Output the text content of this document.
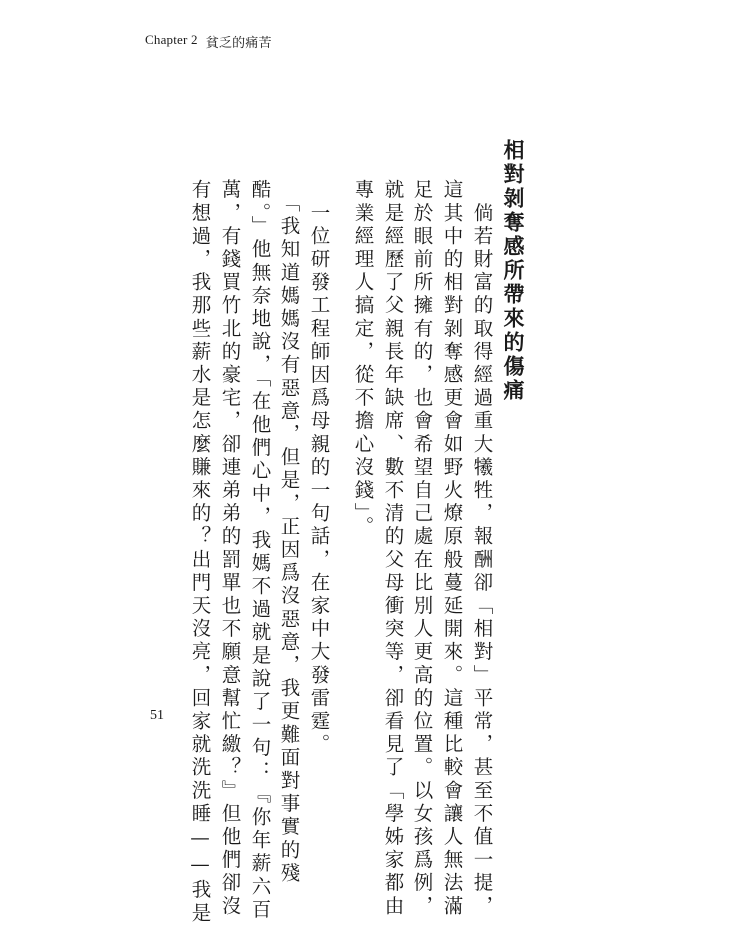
Chapter 2 貧乏的痛苦
相對剝奪感所帶來的傷痛
　倘若財富的取得經過重大犧牲，報酬卻「相對」平常，甚至不值一提，
這其中的相對剝奪感更會如野火燎原般蔓延開來。這種比較會讓人無法滿
足於眼前所擁有的，也會希望自己處在比別人更高的位置。以女孩爲例，
就是經歷了父親長年缺席、數不清的父母衝突等，卻看見了「學姊家都由
專業經理人搞定，從不擔心沒錢」。
　一位研發工程師因爲母親的一句話，在家中大發雷霆。
　「我知道媽媽沒有惡意，但是，正因爲沒惡意，我更難面對事實的殘
酷。」他無奈地說，「在他們心中，我媽不過就是說了一句：『你年薪六百
萬，有錢買竹北的豪宅，卻連弟弟的罰單也不願意幫忙繳？』但他們卻沒
有想過，我那些薪水是怎麼賺來的？出門天沒亮，回家就洗洗睡——我是
51
